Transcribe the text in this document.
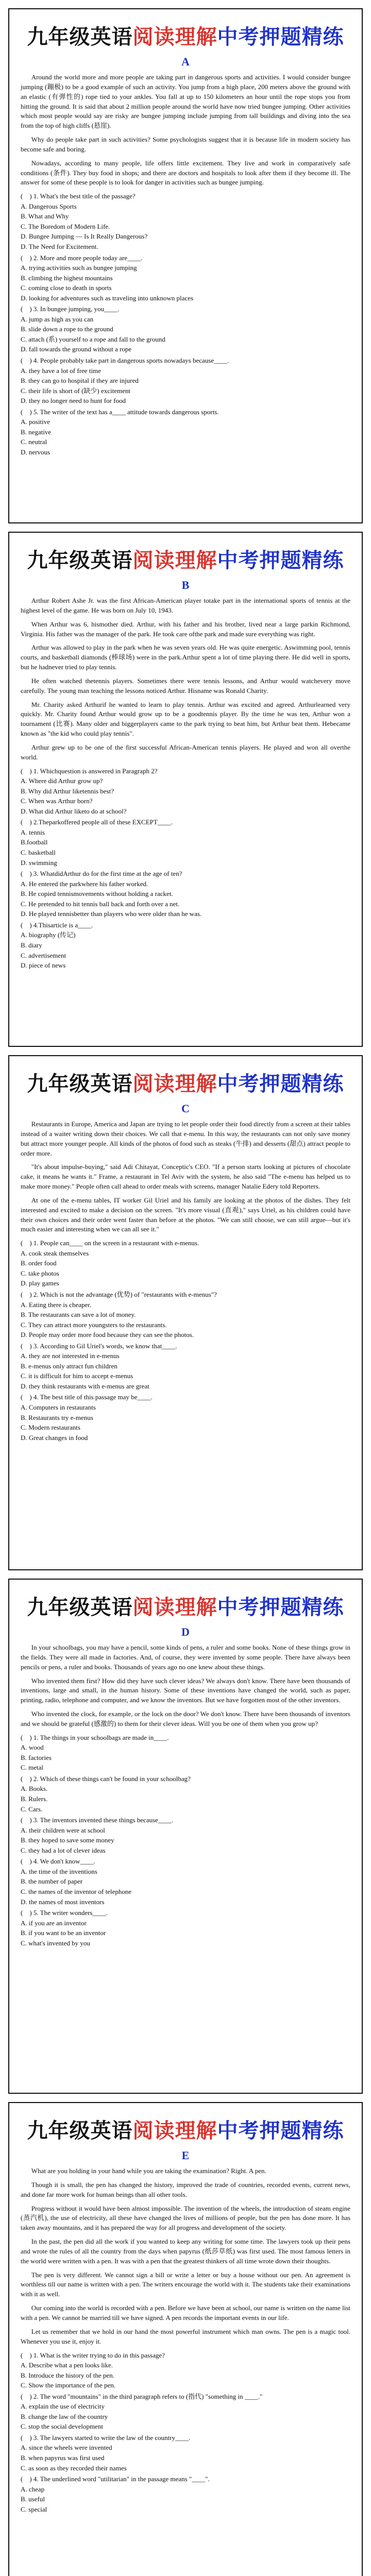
九年级英语阅读理解中考押题精练
A
Around the world more and more people are taking part in dangerous sports and activities. I would consider bungee jumping (蹦极) to be a good example of such an activity. You jump from a high place, 200 meters above the ground with an elastic (有弹性的) rope tied to your ankles. You fall at up to 150 kilometers an hour until the rope stops you from hitting the ground. It is said that about 2 million people around the world have now tried bungee jumping. Other activities which most people would say are risky are bungee jumping include jumping from tall buildings and diving into the sea from the top of high cliffs (悬崖).
Why do people take part in such activities? Some psychologists suggest that it is because life in modern society has become safe and boring.
Nowadays, according to many people, life offers little excitement. They live and work in comparatively safe conditions (条件). They buy food in shops; and there are doctors and hospitals to look after them if they become ill. The answer for some of these people is to look for danger in activities such as bungee jumping.
(　) 1. What's the best title of the passage?
A. Dangerous Sports
B. What and Why
C. The Boredom of Modern Life.
D. Bungee Jumping — Is It Really Dangerous?
D. The Need for Excitement.
(　) 2. More and more people today are____.
A. trying activities such as bungee jumping
B. climbing the highest mountains
C. coming close to death in sports
D. looking for adventures such as traveling into unknown places
(　) 3. In bungee jumping, you____.
A. jump as high as you can
B. slide down a rope to the ground
C. attach (系) yourself to a rope and fall to the ground
D. fall towards the ground without a rope
(　) 4. People probably take part in dangerous sports nowadays because____.
A. they have a lot of free time
B. they can go to hospital if they are injured
C. their life is short of (缺少) excitement
D. they no longer need to hunt for food
(　) 5. The writer of the text has a____ attitude towards dangerous sports.
A. positive
B. negative
C. neutral
D. nervous
九年级英语阅读理解中考押题精练
B
Arthur Robert Ashe Jr. was the first African-American player totake part in the international sports of tennis at the highest level of the game. He was born on July 10, 1943.
When Arthur was 6, hismother died. Arthur, with his father and his brother, lived near a large parkin Richmond, Virginia. His father was the manager of the park. He took care ofthe park and made sure everything was right.
Arthur was allowed to play in the park when he was seven years old. He was quite energetic. Aswimming pool, tennis courts, and basketball diamonds (棒球场) were in the park.Arthur spent a lot of time playing there. He did well in sports, but he hadnever tried to play tennis.
He often watched thetennis players. Sometimes there were tennis lessons, and Arthur would watchevery move carefully. The young man teaching the lessons noticed Arthur. Hisname was Ronald Charity.
Mr. Charity asked Arthurif he wanted to learn to play tennis. Arthur was excited and agreed. Arthurlearned very quickly. Mr. Charity found Arthur would grow up to be a goodtennis player. By the time he was ten, Arthur won a tournament (比赛). Many older and biggerplayers came to the park trying to beat him, but Arthur beat them. Hebecame known as "the kid who could play tennis".
Arthur grew up to be one of the first successful African-American tennis players. He played and won all overthe world.
(　) 1. Whichquestion is answered in Paragraph 2?
A. Where did Arthur grow up?
B. Why did Arthur liketennis best?
C. When was Arthur born?
D. What did Arthur liketo do at school?
(　) 2.Theparkoffered people all of these EXCEPT____.
A. tennis
B.football
C. basketball
D. swimming
(　) 3. WhatdidArthur do for the first time at the age of ten?
A. He entered the parkwhere his father worked.
B. He copied tennismovements without holding a racket.
C. He pretended to hit tennis ball back and forth over a net.
D. He played tennisbetter than players who were older than he was.
(　) 4.Thisarticle is a____.
A. biography (传记)
B. diary
C. advertisement
D. piece of news
九年级英语阅读理解中考押题精练
C
Restaurants in Europe, America and Japan are trying to let people order their food directly from a screen at their tables instead of a waiter writing down their choices. We call that e-menu. In this way, the restaurants can not only save money but attract more younger people. All kinds of the photos of food such as steaks (牛排) and desserts (甜点) attract people to order more.
"It's about impulse-buying," said Adi Chitayat, Conceptic's CEO. "If a person starts looking at pictures of chocolate cake, it means he wants it." Frame, a restaurant in Tel Aviv with the system, he also said "The e-menu has helped us to make more money." People often call ahead to order meals with screens, manager Natalie Edery told Reporters.
At one of the e-menu tables, IT worker Gil Uriel and his family are looking at the photos of the dishes. They felt interested and excited to make a decision on the screen. "It's more visual (直观)," says Uriel, as his children could have their own choices and their order went faster than before at the photos. "We can still choose, we can still argue—but it's much easier and interesting when we can all see it."
(　) 1. People can____ on the screen in a restaurant with e-menus.
A. cook steak themselves
B. order food
C. take photos
D. play games
(　) 2. Which is not the advantage (优势) of "restaurants with e-menus"?
A. Eating there is cheaper.
B. The restaurants can save a lot of money.
C. They can attract more youngsters to the restaurants.
D. People may order more food because they can see the photos.
(　) 3. According to Gil Uriel's words, we know that____.
A. they are not interested in e-menus
B. e-menus only attract fun children
C. it is difficult for him to accept e-menus
D. they think restaurants with e-menus are great
(　) 4. The best title of this passage may be____.
A. Computers in restaurants
B. Restaurants try e-menus
C. Modern restaurants
D. Great changes in food
九年级英语阅读理解中考押题精练
D
In your schoolbags, you may have a pencil, some kinds of pens, a ruler and some books. None of these things grow in the fields. They were all made in factories. And, of course, they were invented by some people. There have always been pencils or pens, a ruler and books. Thousands of years ago no one knew about these things.
Who invented them first? How did they have such clever ideas? We always don't know. There have been thousands of inventions, large and small, in the human history. Some of these inventions have changed the world, such as paper, printing, radio, telephone and computer, and we know the inventors. But we have forgotten most of the other inventors.
Who invented the clock, for example, or the lock on the door? We don't know. There have been thousands of inventors and we should be grateful (感激的) to them for their clever ideas. Will you be one of them when you grow up?
(　) 1. The things in your schoolbags are made in____.
A. wood
B. factories
C. metal
(　) 2. Which of these things can't be found in your schoolbag?
A. Books.
B. Rulers.
C. Cars.
(　) 3. The inventors invented these things because____.
A. their children were at school
B. they hoped to save some money
C. they had a lot of clever ideas
(　) 4. We don't know____.
A. the time of the inventions
B. the number of paper
C. the names of the inventor of telephone
D. the names of most inventors
(　) 5. The writer wonders____.
A. if you are an inventor
B. if you want to be an inventor
C. what's invented by you
九年级英语阅读理解中考押题精练
E
What are you holding in your hand while you are taking the examination? Right. A pen.
Though it is small, the pen has changed the history, improved the trade of countries, recorded events, current news, and done far more work for human beings than all other tools.
Progress without it would have been almost impossible. The invention of the wheels, the introduction of steam engine (蒸汽机), the use of electricity, all these have changed the lives of millions of people, but the pen has done more. It has taken away mountains, and it has prepared the way for all progress and development of the society.
In the past, the pen did all the work if you wanted to keep any writing for some time. The lawyers took up their pens and wrote the rules of all the country from the days when papyrus (纸莎草纸) was first used. The most famous letters in the world were written with a pen. It was with a pen that the greatest thinkers of all time wrote down their thoughts.
The pen is very different. We cannot sign a bill or write a letter or buy a house without our pen. An agreement is worthless till our name is written with a pen. The writers encourage the world with it. The students take their examinations with it as well.
Our coming into the world is recorded with a pen. Before we have been at school, our name is written on the name list with a pen. We cannot be married till we have signed. A pen records the important events in our life.
Let us remember that we hold in our hand the most powerful instrument which man owns. The pen is a magic tool. Whenever you use it, enjoy it.
(　) 1. What is the writer trying to do in this passage?
A. Describe what a pen looks like.
B. Introduce the history of the pen.
C. Show the importance of the pen.
(　) 2. The word "mountains" in the third paragraph refers to (指代) "something in ____."
A. explain the use of electricity
B. change the law of the country
C. stop the social development
(　) 3. The lawyers started to write the law of the country____.
A. since the wheels were invented
B. when papyrus was first used
C. as soon as they recorded their names
(　) 4. The underlined word "utilitarian" in the passage means "____".
A. cheap
B. useful
C. special
